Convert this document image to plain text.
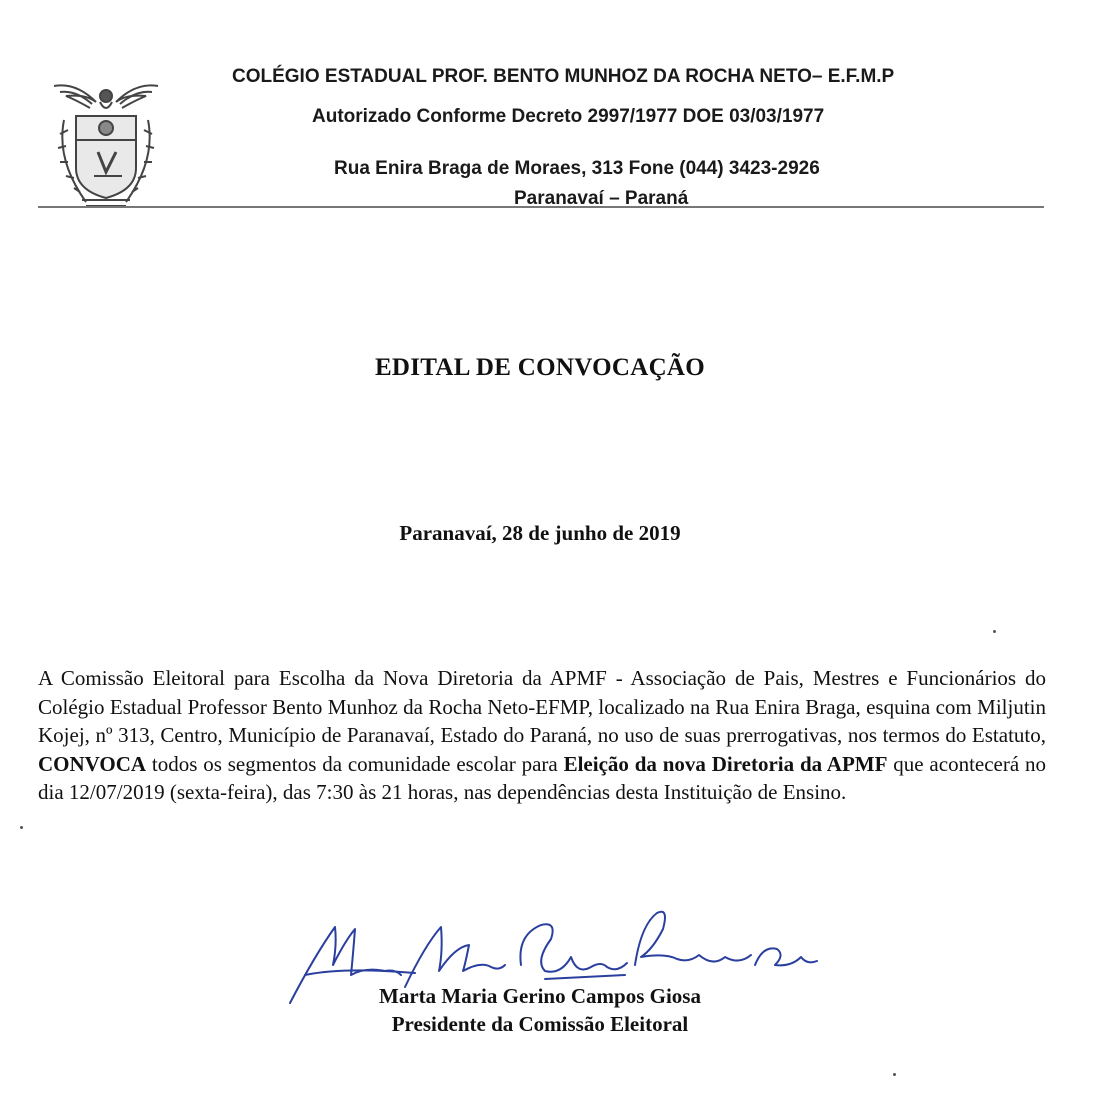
COLÉGIO ESTADUAL PROF. BENTO MUNHOZ DA ROCHA NETO– E.F.M.P
Autorizado Conforme Decreto 2997/1977 DOE 03/03/1977
Rua Enira Braga de Moraes, 313 Fone (044) 3423-2926
Paranavaí – Paraná
EDITAL DE CONVOCAÇÃO
Paranavaí, 28 de junho de 2019
A Comissão Eleitoral para Escolha da Nova Diretoria da APMF - Associação de Pais, Mestres e Funcionários do Colégio Estadual Professor Bento Munhoz da Rocha Neto-EFMP, localizado na Rua Enira Braga, esquina com Miljutin Kojej, nº 313, Centro, Município de Paranavaí, Estado do Paraná, no uso de suas prerrogativas, nos termos do Estatuto, CONVOCA todos os segmentos da comunidade escolar para Eleição da nova Diretoria da APMF que acontecerá no dia 12/07/2019 (sexta-feira), das 7:30 às 21 horas, nas dependências desta Instituição de Ensino.
Marta Maria Gerino Campos Giosa
Presidente da Comissão Eleitoral
